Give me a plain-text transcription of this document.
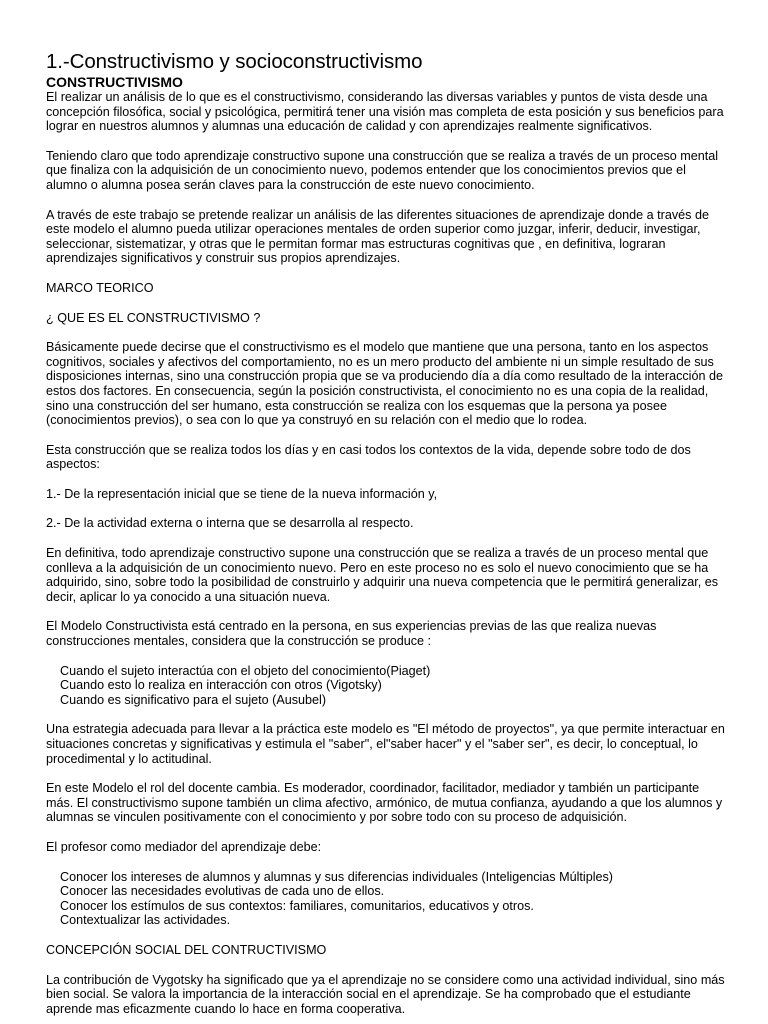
1.-Constructivismo y socioconstructivismo
CONSTRUCTIVISMO

El realizar un análisis de lo que es el constructivismo, considerando las diversas variables y puntos de vista desde una concepción filosófica, social y psicológica, permitirá tener una visión mas completa de esta posición y sus beneficios para lograr en nuestros alumnos y alumnas una educación de calidad y con aprendizajes realmente significativos.

Teniendo claro que todo aprendizaje constructivo supone una construcción que se realiza a través de un proceso mental que finaliza con la adquisición de un conocimiento nuevo, podemos entender que los conocimientos previos que el alumno o alumna posea serán claves para la construcción de este nuevo conocimiento.

A través de este trabajo se pretende realizar un análisis de las diferentes situaciones de aprendizaje donde a través de este modelo el alumno pueda utilizar operaciones mentales de orden superior como juzgar, inferir, deducir, investigar, seleccionar, sistematizar, y otras que le permitan formar mas estructuras cognitivas que , en definitiva, lograran aprendizajes significativos y construir sus propios aprendizajes.

MARCO TEORICO

¿ QUE ES EL CONSTRUCTIVISMO ?

Básicamente puede decirse que el constructivismo es el modelo que mantiene que una persona, tanto en los aspectos cognitivos, sociales y afectivos del comportamiento, no es un mero producto del ambiente ni un simple resultado de sus disposiciones internas, sino una construcción propia que se va produciendo día a día como resultado de la interacción de estos dos factores. En consecuencia, según la posición constructivista, el conocimiento no es una copia de la realidad, sino una construcción del ser humano, esta construcción se realiza con los esquemas que la persona ya posee (conocimientos previos), o sea con lo que ya construyó en su relación con el medio que lo rodea.

Esta construcción que se realiza todos los días y en casi todos los contextos de la vida, depende sobre todo de dos aspectos:

1.- De la representación inicial que se tiene de la nueva información y,

2.- De la actividad externa o interna que se desarrolla al respecto.

En definitiva, todo aprendizaje constructivo supone una construcción que se realiza a través de un proceso mental que conlleva a la adquisición de un conocimiento nuevo. Pero en este proceso no es solo el nuevo conocimiento que se ha adquirido, sino, sobre todo la posibilidad de construirlo y adquirir una nueva competencia que le permitirá generalizar, es decir, aplicar lo ya conocido a una situación nueva.

El Modelo Constructivista está centrado en la persona, en sus experiencias previas de las que realiza nuevas construcciones mentales, considera que la construcción se produce :

Cuando el sujeto interactúa con el objeto del conocimiento(Piaget)
Cuando esto lo realiza en interacción con otros (Vigotsky)
Cuando es significativo para el sujeto (Ausubel)

Una estrategia adecuada para llevar a la práctica este modelo es "El método de proyectos", ya que permite interactuar en situaciones concretas y significativas y estimula el "saber", el"saber hacer" y el "saber ser", es decir, lo conceptual, lo procedimental y lo actitudinal.

En este Modelo el rol del docente cambia. Es moderador, coordinador, facilitador, mediador y también un participante más. El constructivismo supone también un clima afectivo, armónico, de mutua confianza, ayudando a que los alumnos y alumnas se vinculen positivamente con el conocimiento y por sobre todo con su proceso de adquisición.

El profesor como mediador del aprendizaje debe:

Conocer los intereses de alumnos y alumnas y sus diferencias individuales (Inteligencias Múltiples)
Conocer las necesidades evolutivas de cada uno de ellos.
Conocer los estímulos de sus contextos: familiares, comunitarios, educativos y otros.
Contextualizar las actividades.

CONCEPCIÓN SOCIAL DEL CONTRUCTIVISMO

La contribución de Vygotsky ha significado que ya el aprendizaje no se considere como una actividad individual, sino más bien social. Se valora la importancia de la interacción social en el aprendizaje. Se ha comprobado que el estudiante aprende mas eficazmente cuando lo hace en forma cooperativa.
